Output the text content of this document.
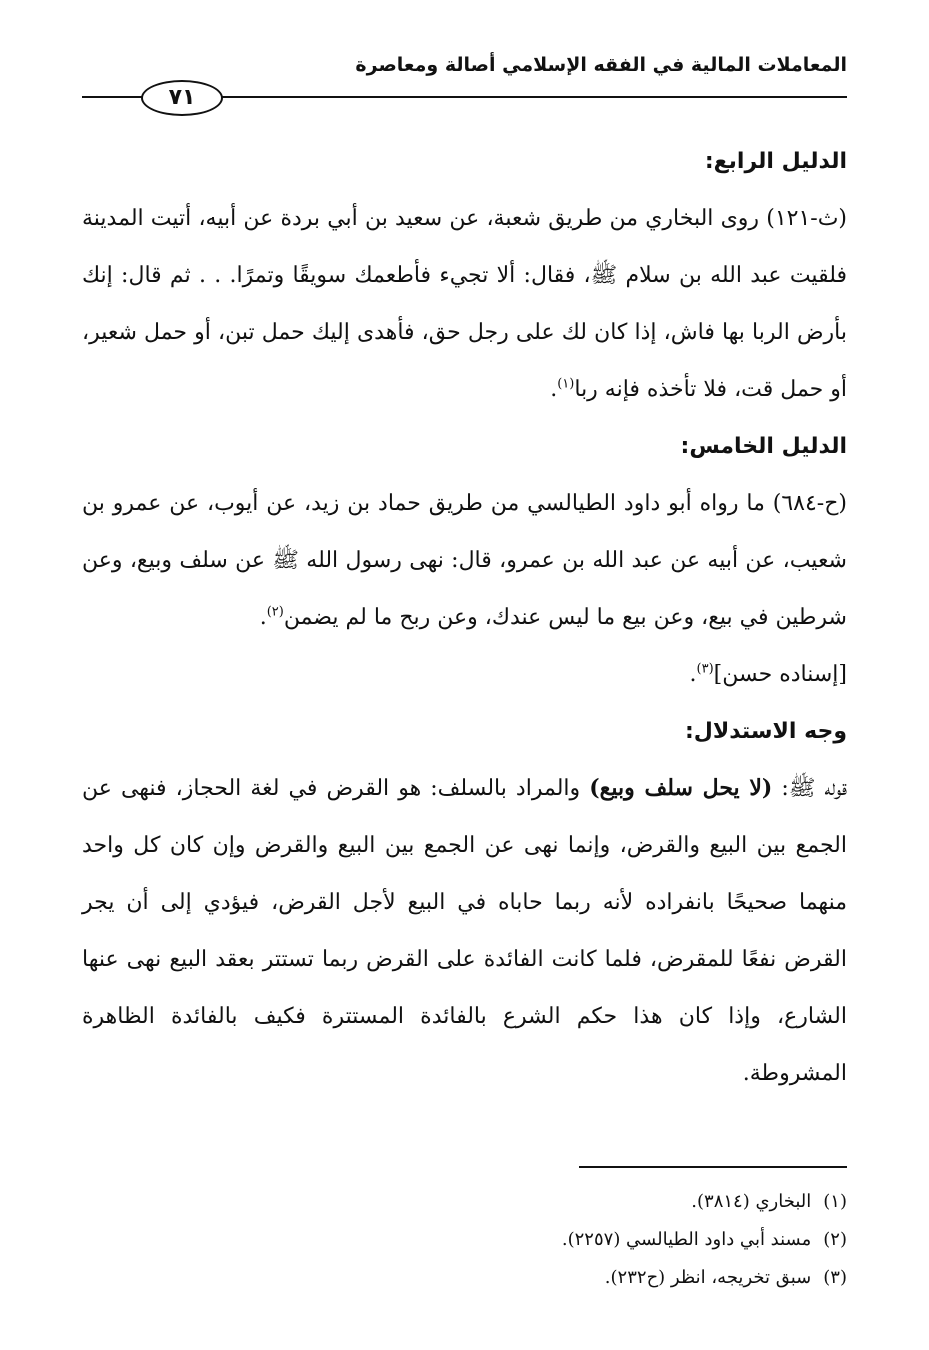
المعاملات المالية في الفقه الإسلامي أصالة ومعاصرة
٧١

الدليل الرابع:

(ث-١٢١) روى البخاري من طريق شعبة، عن سعيد بن أبي بردة عن أبيه، أتيت المدينة فلقيت عبد الله بن سلام ﷺ، فقال: ألا تجيء فأطعمك سويقًا وتمرًا. . . ثم قال: إنك بأرض الربا بها فاش، إذا كان لك على رجل حق، فأهدى إليك حمل تبن، أو حمل شعير، أو حمل قت، فلا تأخذه فإنه ربا$^{(١)}$.

الدليل الخامس:

(ح-٦٨٤) ما رواه أبو داود الطيالسي من طريق حماد بن زيد، عن أيوب، عن عمرو بن شعيب، عن أبيه عن عبد الله بن عمرو، قال: نهى رسول الله ﷺ عن سلف وبيع، وعن شرطين في بيع، وعن بيع ما ليس عندك، وعن ربح ما لم يضمن$^{(٢)}$.

[إسناده حسن]$^{(٣)}$.

وجه الاستدلال:

قوله ﷺ: (لا يحل سلف وبيع) والمراد بالسلف: هو القرض في لغة الحجاز، فنهى عن الجمع بين البيع والقرض، وإنما نهى عن الجمع بين البيع والقرض وإن كان كل واحد منهما صحيحًا بانفراده لأنه ربما حاباه في البيع لأجل القرض، فيؤدي إلى أن يجر القرض نفعًا للمقرض، فلما كانت الفائدة على القرض ربما تستتر بعقد البيع نهى عنها الشارع، وإذا كان هذا حكم الشرع بالفائدة المستترة فكيف بالفائدة الظاهرة المشروطة.

(١) البخاري (٣٨١٤).

(٢) مسند أبي داود الطيالسي (٢٢٥٧).

(٣) سبق تخريجه، انظر (ح٢٣٢).
